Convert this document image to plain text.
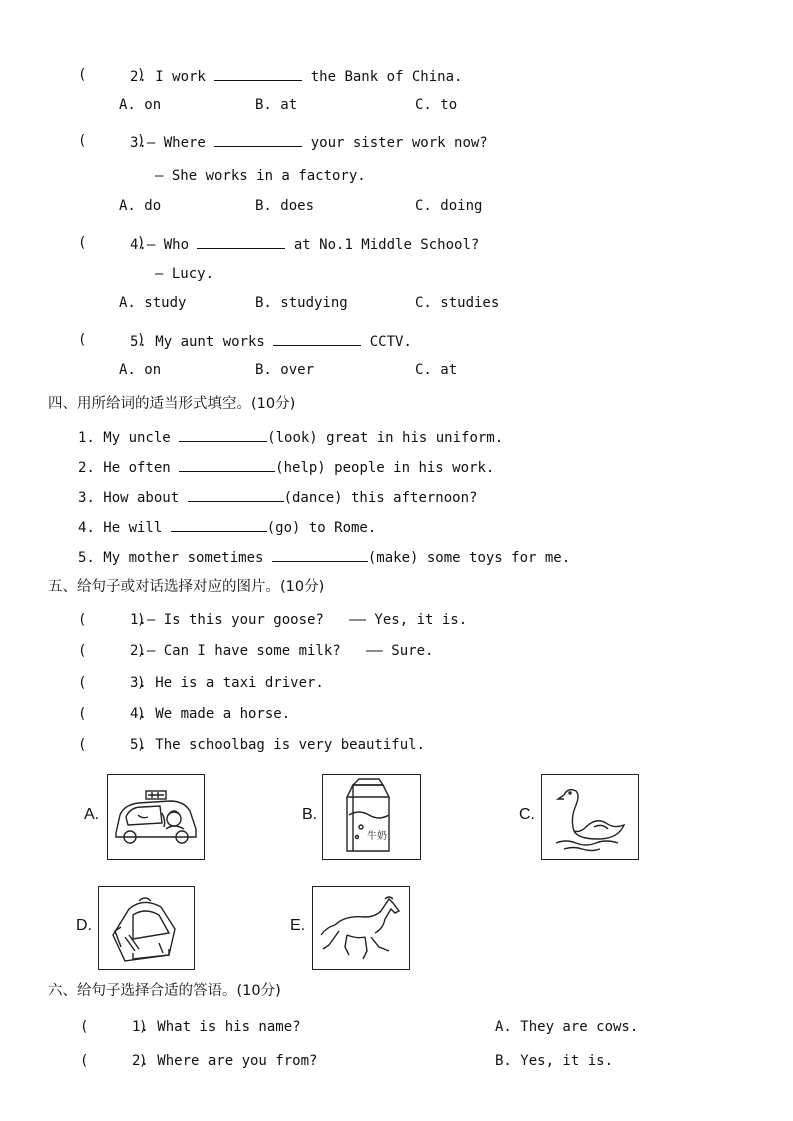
(      )
2. I work	the Bank of China.
A. on	B. at	C. to
(      )
3.— Where	your sister work now?
— She works in a factory.
A. do	B. does	C. doing
(      )
4.— Who	at No.1 Middle School?
— Lucy.
A. study	B. studying	C. studies
(      )
5. My aunt works	CCTV.
A. on	B. over	C. at
四、用所给词的适当形式填空。(10分)
1. My uncle	(look) great in his uniform.
2. He often	(help) people in his work.
3. How about	(dance) this afternoon?
4. He will	(go) to Rome.
5. My mother sometimes	(make) some toys for me.
五、给句子或对话选择对应的图片。(10分)
(      )
1.— Is this your goose?   —— Yes, it is.
(      )
2.— Can I have some milk?   —— Sure.
(      )
3. He is a taxi driver.
(      )
4. We made a horse.
(      )
5. The schoolbag is very beautiful.
A.	B.
牛奶
C.
D.	E.
六、给句子选择合适的答语。(10分)
(      )
1. What is his name?	A. They are cows.
(      )
2. Where are you from?	B. Yes, it is.
